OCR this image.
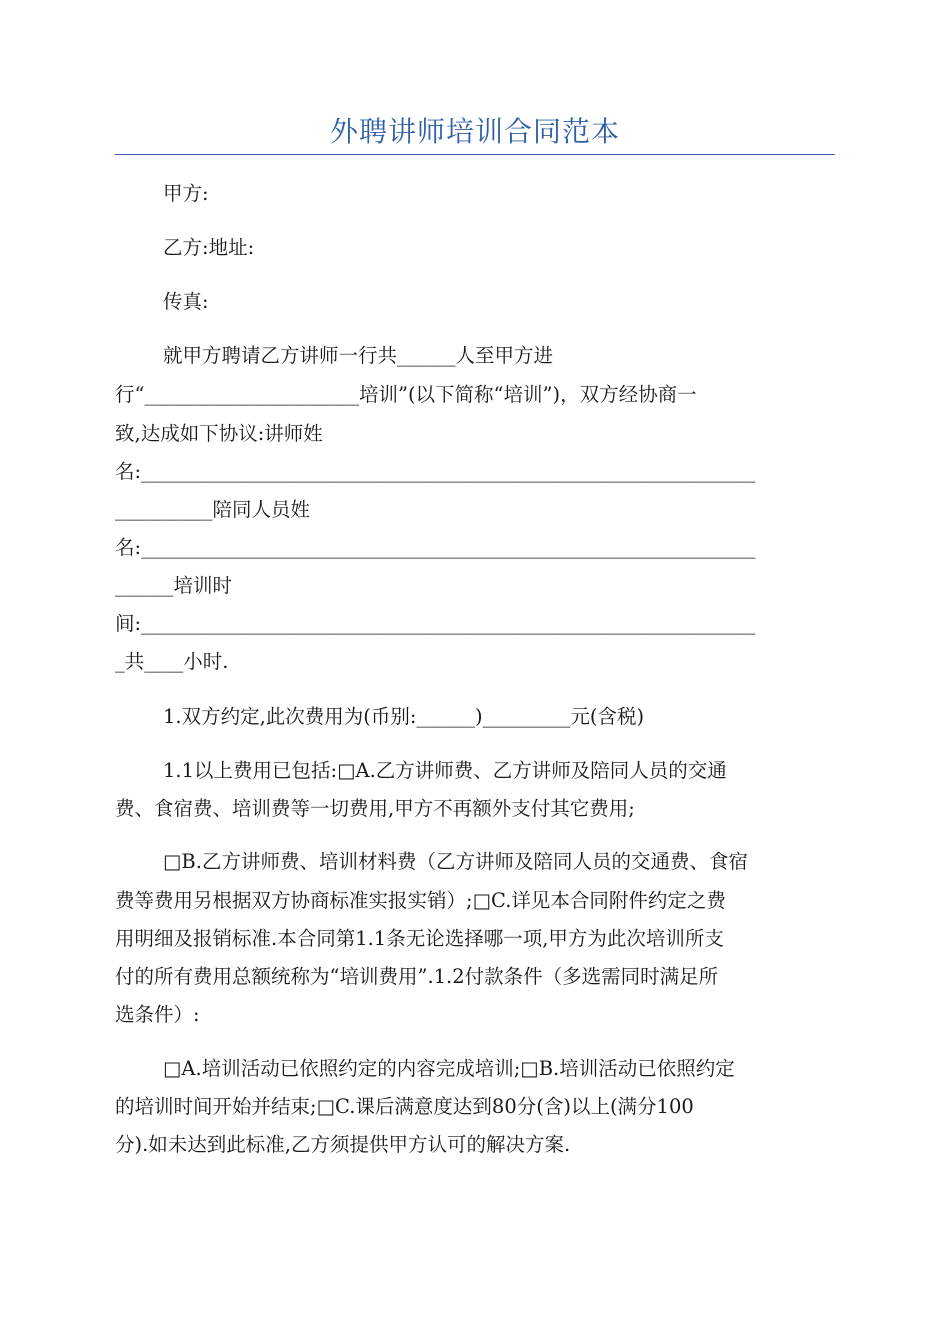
外聘讲师培训合同范本
甲方:
乙方:地址:
传真:
就甲方聘请乙方讲师一行共______人至甲方进
行“______________________培训”(以下简称“培训”)，双方经协商一
致,达成如下协议:讲师姓
名:_______________________________________________________________
__________陪同人员姓
名:_______________________________________________________________
______培训时
间:_______________________________________________________________
_共____小时.
1.双方约定,此次费用为(币别:______)_________元(含税)
1.1以上费用已包括:□A.乙方讲师费、乙方讲师及陪同人员的交通
费、食宿费、培训费等一切费用,甲方不再额外支付其它费用;
□B.乙方讲师费、培训材料费（乙方讲师及陪同人员的交通费、食宿
费等费用另根据双方协商标准实报实销）;□C.详见本合同附件约定之费
用明细及报销标准.本合同第1.1条无论选择哪一项,甲方为此次培训所支
付的所有费用总额统称为“培训费用”.1.2付款条件（多选需同时满足所
选条件）:
□A.培训活动已依照约定的内容完成培训;□B.培训活动已依照约定
的培训时间开始并结束;□C.课后满意度达到80分(含)以上(满分100
分).如未达到此标准,乙方须提供甲方认可的解决方案.
